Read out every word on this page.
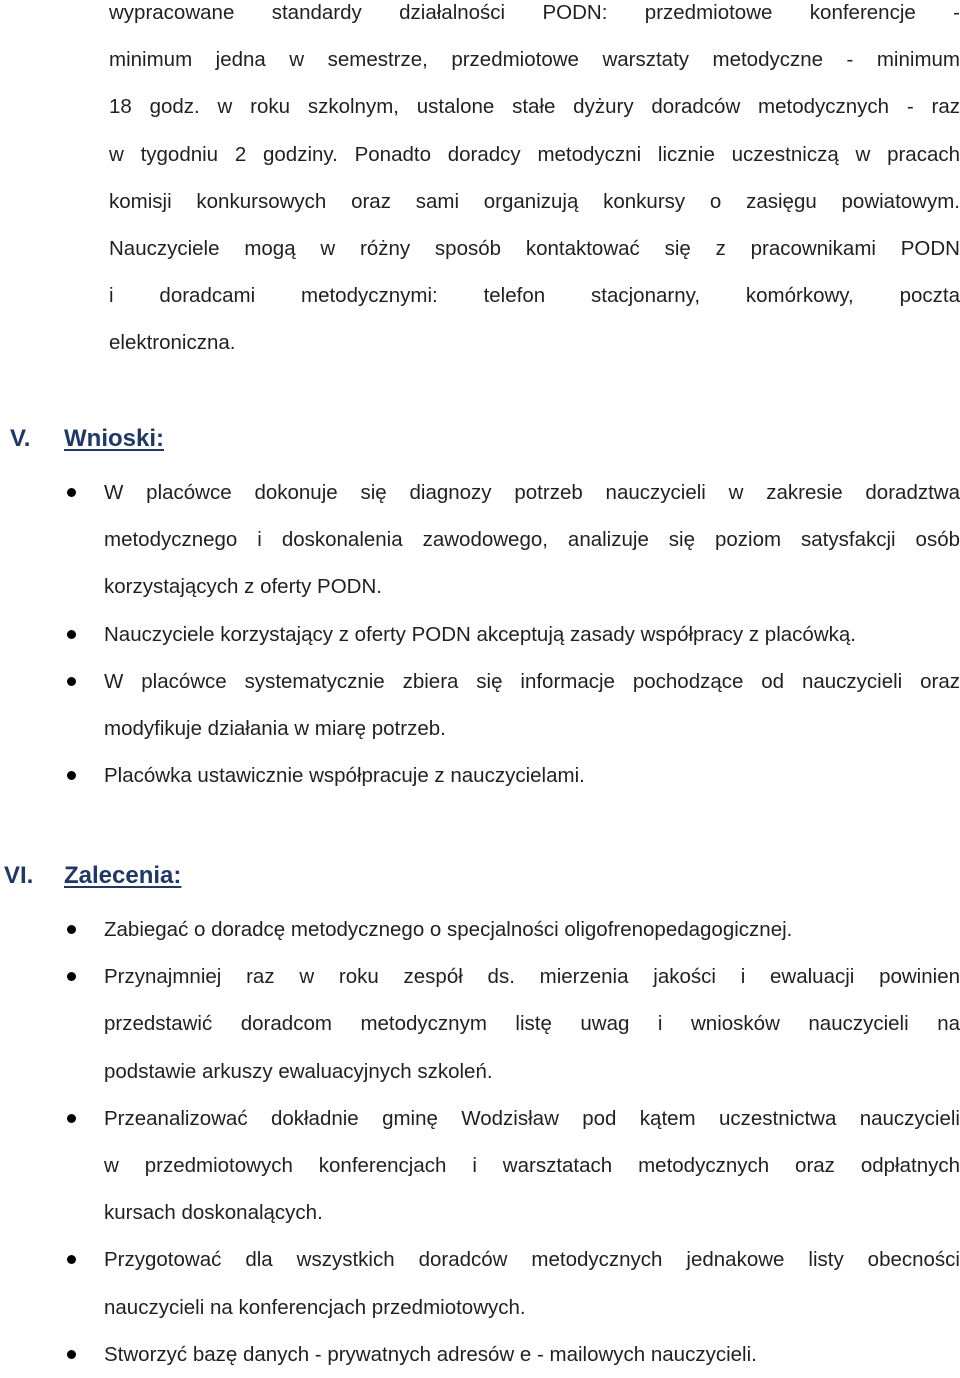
wypracowane standardy działalności PODN: przedmiotowe konferencje -
minimum jedna w semestrze, przedmiotowe warsztaty metodyczne - minimum
18 godz. w roku szkolnym, ustalone stałe dyżury doradców metodycznych - raz
w tygodniu 2 godziny. Ponadto doradcy metodyczni licznie uczestniczą w pracach
komisji konkursowych oraz sami organizują konkursy o zasięgu powiatowym.
Nauczyciele mogą w różny sposób kontaktować się z pracownikami PODN
i doradcami metodycznymi: telefon stacjonarny, komórkowy, poczta
elektroniczna.

V. Wnioski:
W placówce dokonuje się diagnozy potrzeb nauczycieli w zakresie doradztwa
metodycznego i doskonalenia zawodowego, analizuje się poziom satysfakcji osób
korzystających z oferty PODN.
Nauczyciele korzystający z oferty PODN akceptują zasady współpracy z placówką.
W placówce systematycznie zbiera się informacje pochodzące od nauczycieli oraz
modyfikuje działania w miarę potrzeb.
Placówka ustawicznie współpracuje z nauczycielami.
VI. Zalecenia:
Zabiegać o doradcę metodycznego o specjalności oligofrenopedagogicznej.
Przynajmniej raz w roku zespół ds. mierzenia jakości i ewaluacji powinien
przedstawić doradcom metodycznym listę uwag i wniosków nauczycieli na
podstawie arkuszy ewaluacyjnych szkoleń.
Przeanalizować dokładnie gminę Wodzisław pod kątem uczestnictwa nauczycieli
w przedmiotowych konferencjach i warsztatach metodycznych oraz odpłatnych
kursach doskonalących.
Przygotować dla wszystkich doradców metodycznych jednakowe listy obecności
nauczycieli na konferencjach przedmiotowych.
Stworzyć bazę danych - prywatnych adresów e - mailowych nauczycieli.
